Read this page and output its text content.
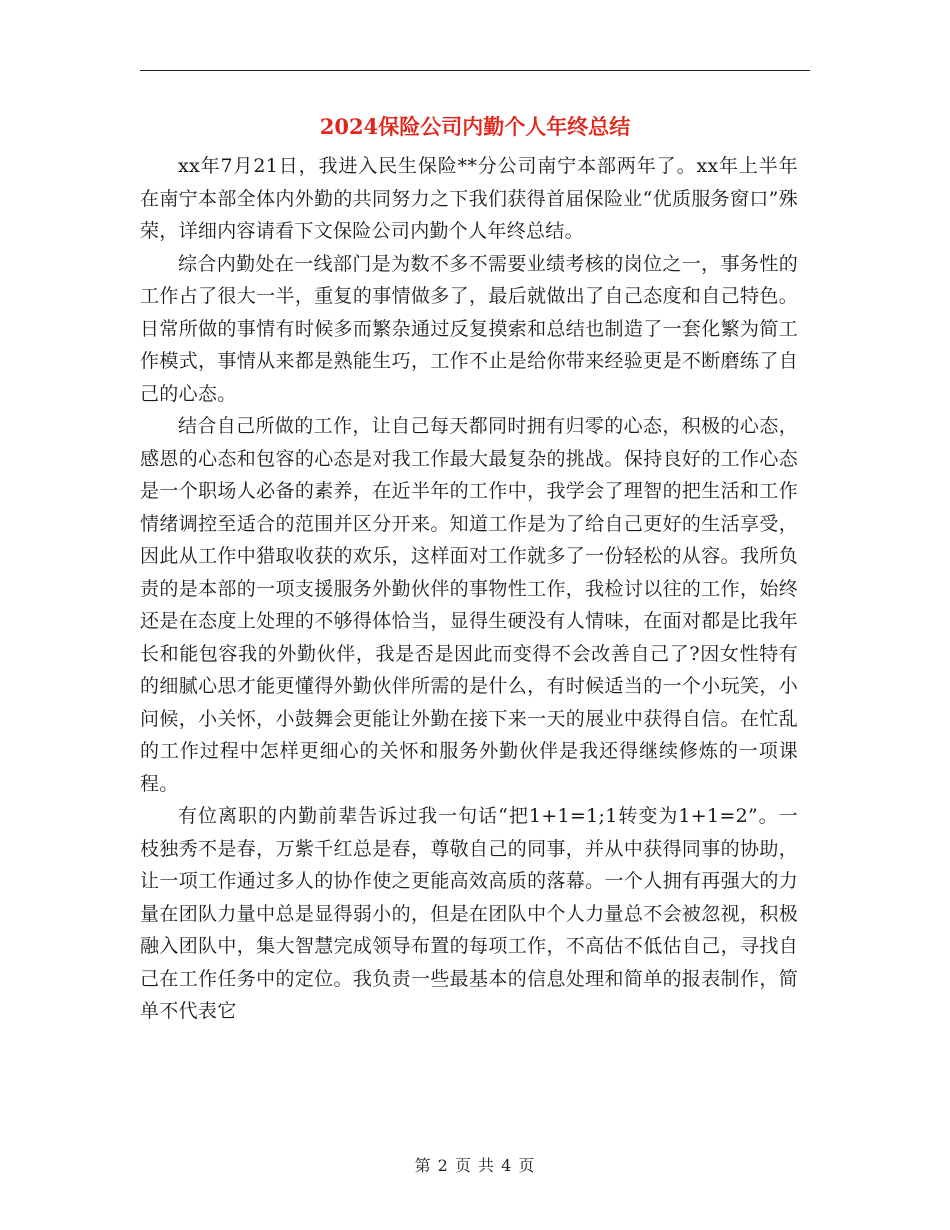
2024保险公司内勤个人年终总结

xx年7月21日，我进入民生保险**分公司南宁本部两年了。xx年上半年在南宁本部全体内外勤的共同努力之下我们获得首届保险业“优质服务窗口”殊荣，详细内容请看下文保险公司内勤个人年终总结。

综合内勤处在一线部门是为数不多不需要业绩考核的岗位之一，事务性的工作占了很大一半，重复的事情做多了，最后就做出了自己态度和自己特色。日常所做的事情有时候多而繁杂通过反复摸索和总结也制造了一套化繁为简工作模式，事情从来都是熟能生巧，工作不止是给你带来经验更是不断磨练了自己的心态。

结合自己所做的工作，让自己每天都同时拥有归零的心态，积极的心态，感恩的心态和包容的心态是对我工作最大最复杂的挑战。保持良好的工作心态是一个职场人必备的素养，在近半年的工作中，我学会了理智的把生活和工作情绪调控至适合的范围并区分开来。知道工作是为了给自己更好的生活享受，因此从工作中猎取收获的欢乐，这样面对工作就多了一份轻松的从容。我所负责的是本部的一项支援服务外勤伙伴的事物性工作，我检讨以往的工作，始终还是在态度上处理的不够得体恰当，显得生硬没有人情味，在面对都是比我年长和能包容我的外勤伙伴，我是否是因此而变得不会改善自己了?因女性特有的细腻心思才能更懂得外勤伙伴所需的是什么，有时候适当的一个小玩笑，小问候，小关怀，小鼓舞会更能让外勤在接下来一天的展业中获得自信。在忙乱的工作过程中怎样更细心的关怀和服务外勤伙伴是我还得继续修炼的一项课程。

有位离职的内勤前辈告诉过我一句话“把1+1=1;1转变为1+1=2”。一枝独秀不是春，万紫千红总是春，尊敬自己的同事，并从中获得同事的协助，让一项工作通过多人的协作使之更能高效高质的落幕。一个人拥有再强大的力量在团队力量中总是显得弱小的，但是在团队中个人力量总不会被忽视，积极融入团队中，集大智慧完成领导布置的每项工作，不高估不低估自己，寻找自己在工作任务中的定位。我负责一些最基本的信息处理和简单的报表制作，简单不代表它

第 2 页 共 4 页
